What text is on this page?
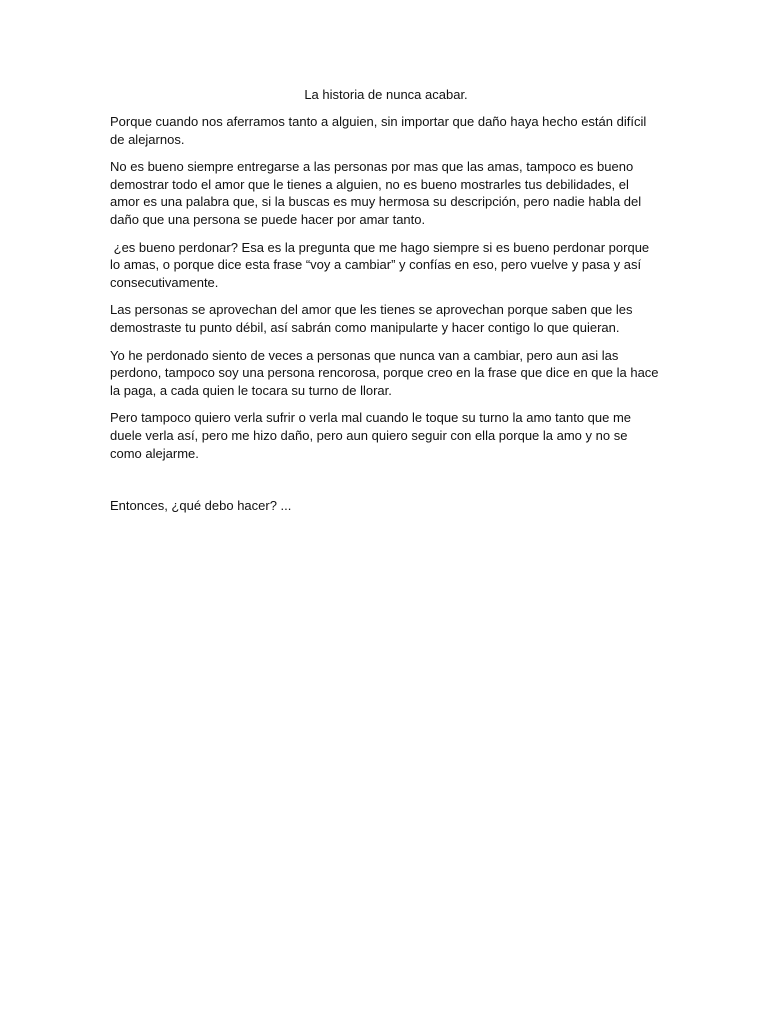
La historia de nunca acabar.

Porque cuando nos aferramos tanto a alguien, sin importar que daño haya hecho están difícil de alejarnos.

No es bueno siempre entregarse a las personas por mas que las amas, tampoco es bueno demostrar todo el amor que le tienes a alguien, no es bueno mostrarles tus debilidades, el amor es una palabra que, si la buscas es muy hermosa su descripción, pero nadie habla del daño que una persona se puede hacer por amar tanto.

¿es bueno perdonar? Esa es la pregunta que me hago siempre si es bueno perdonar porque lo amas, o porque dice esta frase “voy a cambiar” y confías en eso, pero vuelve y pasa y así consecutivamente.

Las personas se aprovechan del amor que les tienes se aprovechan porque saben que les demostraste tu punto débil, así sabrán como manipularte y hacer contigo lo que quieran.

Yo he perdonado siento de veces a personas que nunca van a cambiar, pero aun asi las perdono, tampoco soy una persona rencorosa, porque creo en la frase que dice en que la hace la paga, a cada quien le tocara su turno de llorar.

Pero tampoco quiero verla sufrir o verla mal cuando le toque su turno la amo tanto que me duele verla así, pero me hizo daño, pero aun quiero seguir con ella porque la amo y no se como alejarme.

Entonces, ¿qué debo hacer? ...
